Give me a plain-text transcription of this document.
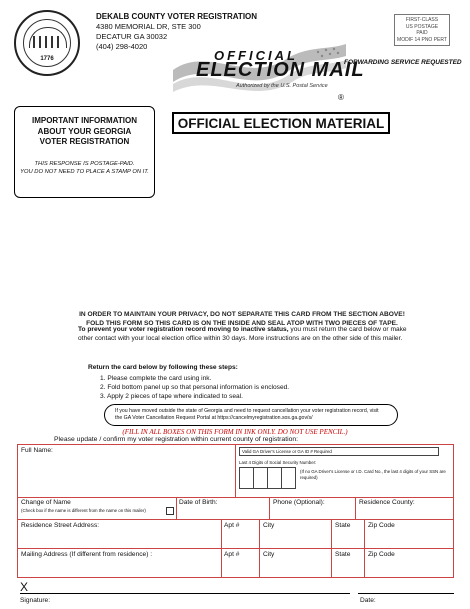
1776
DEKALB COUNTY VOTER REGISTRATION
4380 MEMORIAL DR, STE 300
DECATUR GA 30032
(404) 298-4020
FIRST-CLASS
US POSTAGE
PAID
MODIF 14 PNO PERT
OFFICIAL
ELECTION MAIL
Authorized by the U.S. Postal Service
®
FORWARDING SERVICE REQUESTED
OFFICIAL ELECTION MATERIAL
IMPORTANT INFORMATION
ABOUT YOUR GEORGIA
VOTER REGISTRATION
THIS RESPONSE IS POSTAGE-PAID.
YOU DO NOT NEED TO PLACE A STAMP ON IT.
IN ORDER TO MAINTAIN YOUR PRIVACY, DO NOT SEPARATE THIS CARD FROM THE SECTION ABOVE!
FOLD THIS FORM SO THIS CARD IS ON THE INSIDE AND SEAL ATOP WITH TWO PIECES OF TAPE.
To prevent your voter registration record moving to inactive status, you must return the card below or make other contact with your local election office within 30 days. More instructions are on the other side of this mailer.
Return the card below by following these steps:
1. Please complete the card using ink.
2. Fold bottom panel up so that personal information is enclosed.
3. Apply 2 pieces of tape where indicated to seal.
If you have moved outside the state of Georgia and need to request cancellation your voter registration record, visit the GA Voter Cancellation Request Portal at https://cancelmyregistration.sos.ga.gov/s/
(FILL IN ALL BOXES ON THIS FORM IN INK ONLY. DO NOT USE PENCIL.)
Please update / confirm my voter registration within current county of registration:
Full Name:	Valid GA Driver's License or GA ID # Required
Last 4 Digits of Social Security Number:
(If no GA Driver's License or I.D. Card No., the last 4 digits of your SSN are required)
Change of Name
(Check box if the name is different from the name on this mailer)
Date of Birth:	Phone (Optional):	Residence County:
Residence Street Address:	Apt #	City	State	Zip Code
Mailing Address (If different from residence) :	Apt #	City	State	Zip Code
X
Signature:	Date:
